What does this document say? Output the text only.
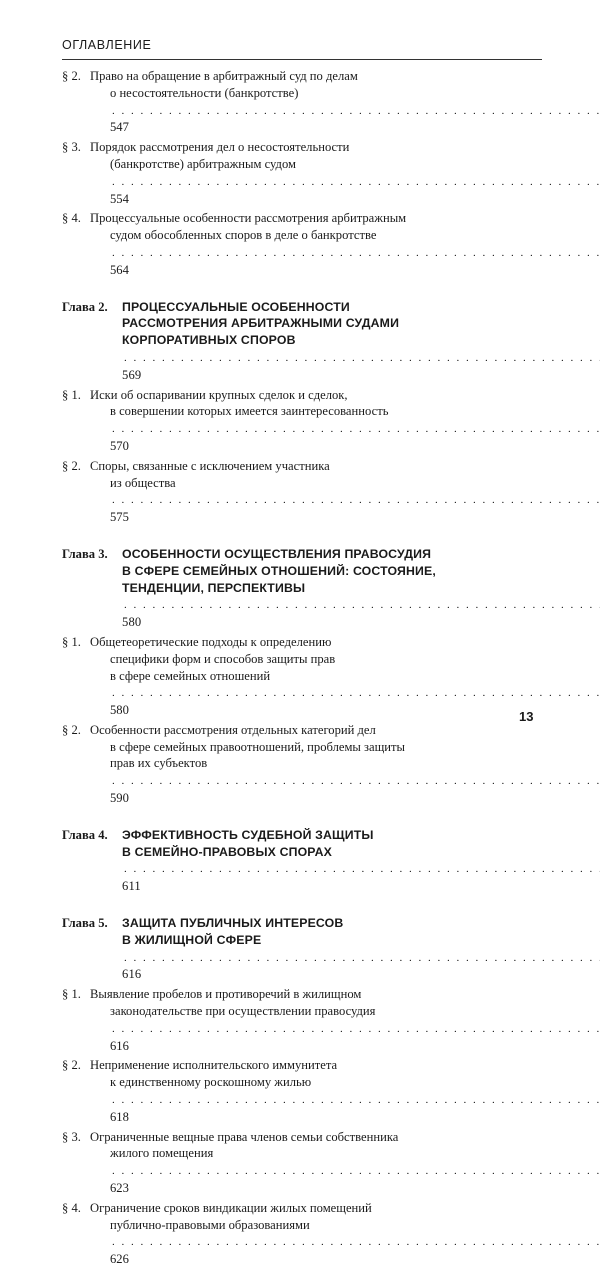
ОГЛАВЛЕНИЕ
§ 2. Право на обращение в арбитражный суд по делам
о несостоятельности (банкротстве) . . . 547
§ 3. Порядок рассмотрения дел о несостоятельности
(банкротстве) арбитражным судом . . . 554
§ 4. Процессуальные особенности рассмотрения арбитражным
судом обособленных споров в деле о банкротстве . . . 564
Глава 2.	ПРОЦЕССУАЛЬНЫЕ ОСОБЕННОСТИ
РАССМОТРЕНИЯ АРБИТРАЖНЫМИ СУДАМИ
КОРПОРАТИВНЫХ СПОРОВ . . . 569
§ 1. Иски об оспаривании крупных сделок и сделок,
в совершении которых имеется заинтересованность . . . 570
§ 2. Споры, связанные с исключением участника
из общества . . . 575
Глава 3.	ОСОБЕННОСТИ ОСУЩЕСТВЛЕНИЯ ПРАВОСУДИЯ
В СФЕРЕ СЕМЕЙНЫХ ОТНОШЕНИЙ: СОСТОЯНИЕ,
ТЕНДЕНЦИИ, ПЕРСПЕКТИВЫ . . . 580
§ 1. Общетеоретические подходы к определению
специфики форм и способов защиты прав
в сфере семейных отношений . . . 580
§ 2. Особенности рассмотрения отдельных категорий дел
в сфере семейных правоотношений, проблемы защиты
прав их субъектов . . . 590
Глава 4.	ЭФФЕКТИВНОСТЬ СУДЕБНОЙ ЗАЩИТЫ
В СЕМЕЙНО-ПРАВОВЫХ СПОРАХ . . . 611
Глава 5.	ЗАЩИТА ПУБЛИЧНЫХ ИНТЕРЕСОВ
В ЖИЛИЩНОЙ СФЕРЕ . . . 616
§ 1. Выявление пробелов и противоречий в жилищном
законодательстве при осуществлении правосудия . . . 616
§ 2. Неприменение исполнительского иммунитета
к единственному роскошному жилью . . . 618
§ 3. Ограниченные вещные права членов семьи собственника
жилого помещения . . . 623
§ 4. Ограничение сроков виндикации жилых помещений
публично-правовыми образованиями . . . 626
13
